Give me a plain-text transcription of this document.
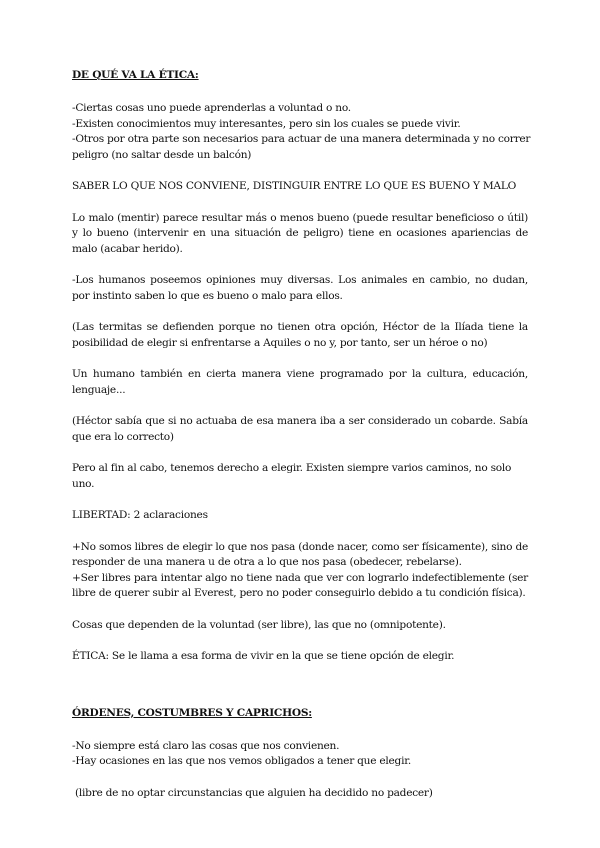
DE QUÉ VA LA ÉTICA:

-Ciertas cosas uno puede aprenderlas a voluntad o no.
-Existen conocimientos muy interesantes, pero sin los cuales se puede vivir.
-Otros por otra parte son necesarios para actuar de una manera determinada y no correr
peligro (no saltar desde un balcón)

SABER LO QUE NOS CONVIENE, DISTINGUIR ENTRE LO QUE ES BUENO Y MALO

Lo malo (mentir) parece resultar más o menos bueno (puede resultar beneficioso o útil) y lo bueno (intervenir en una situación de peligro) tiene en ocasiones apariencias de malo (acabar herido).

-Los humanos poseemos opiniones muy diversas. Los animales en cambio, no dudan, por instinto saben lo que es bueno o malo para ellos.

(Las termitas se defienden porque no tienen otra opción, Héctor de la Ilíada tiene la posibilidad de elegir si enfrentarse a Aquiles o no y, por tanto, ser un héroe o no)

Un humano también en cierta manera viene programado por la cultura, educación, lenguaje...

(Héctor sabía que si no actuaba de esa manera iba a ser considerado un cobarde. Sabía que era lo correcto)

Pero al fin al cabo, tenemos derecho a elegir. Existen siempre varios caminos, no solo uno.

LIBERTAD: 2 aclaraciones

+No somos libres de elegir lo que nos pasa (donde nacer, como ser físicamente), sino de responder de una manera u de otra a lo que nos pasa (obedecer, rebelarse).

+Ser libres para intentar algo no tiene nada que ver con lograrlo indefectiblemente (ser libre de querer subir al Everest, pero no poder conseguirlo debido a tu condición física).

Cosas que dependen de la voluntad (ser libre), las que no (omnipotente).

ÉTICA: Se le llama a esa forma de vivir en la que se tiene opción de elegir.

ÓRDENES, COSTUMBRES Y CAPRICHOS:

-No siempre está claro las cosas que nos convienen.
-Hay ocasiones en las que nos vemos obligados a tener que elegir.

(libre de no optar circunstancias que alguien ha decidido no padecer)
